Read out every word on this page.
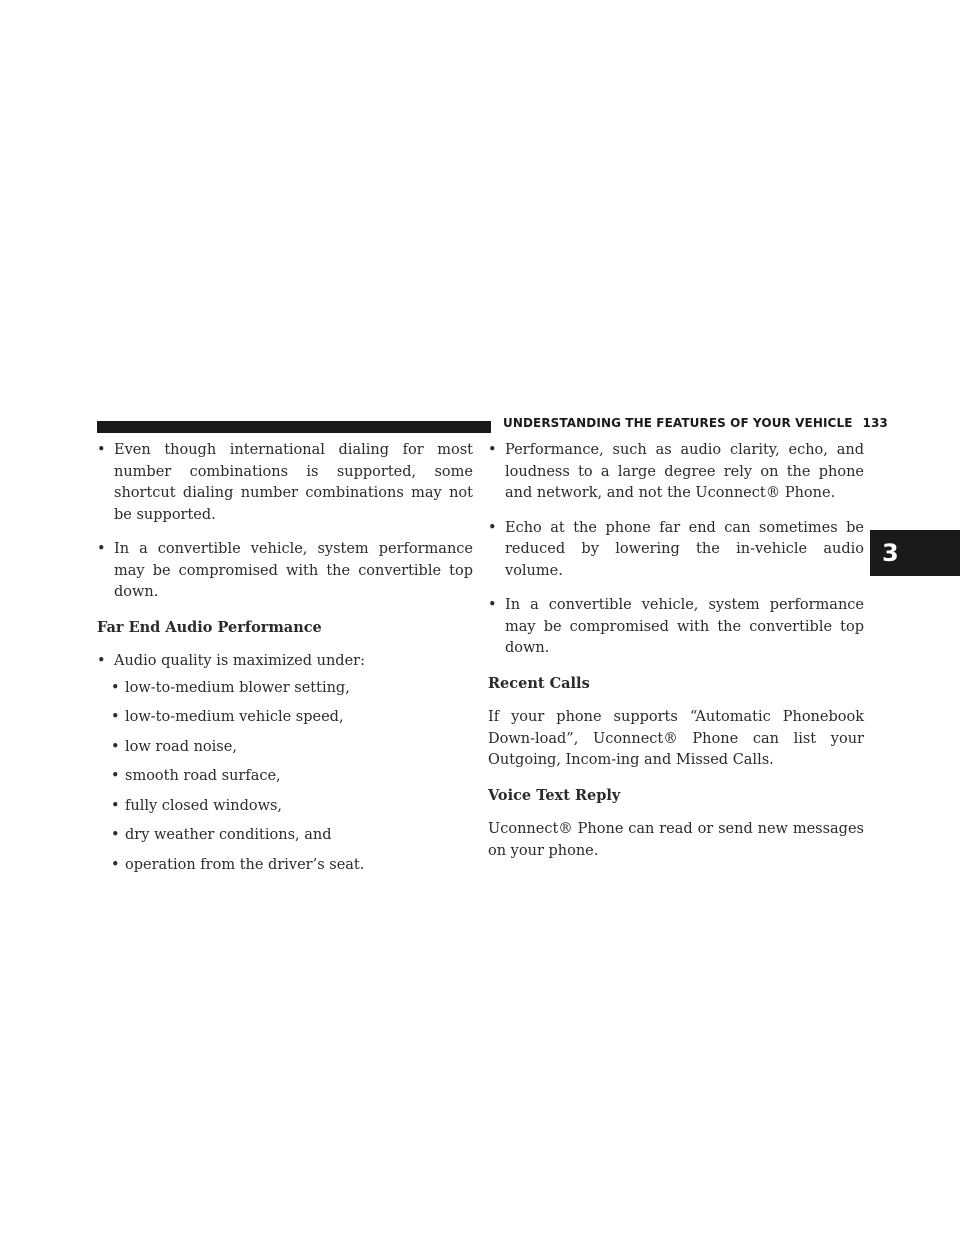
UNDERSTANDING THE FEATURES OF YOUR VEHICLE 133
3
• Even though international dialing for most number combinations is supported, some shortcut dialing number combinations may not be supported.
• In a convertible vehicle, system performance may be compromised with the convertible top down.
Far End Audio Performance
• Audio quality is maximized under:
• low-to-medium blower setting,
• low-to-medium vehicle speed,
• low road noise,
• smooth road surface,
• fully closed windows,
• dry weather conditions, and
• operation from the driver’s seat.
• Performance, such as audio clarity, echo, and loudness to a large degree rely on the phone and network, and not the Uconnect® Phone.
• Echo at the phone far end can sometimes be reduced by lowering the in-vehicle audio volume.
• In a convertible vehicle, system performance may be compromised with the convertible top down.
Recent Calls
If your phone supports “Automatic Phonebook Down-load”, Uconnect® Phone can list your Outgoing, Incom-ing and Missed Calls.
Voice Text Reply
Uconnect® Phone can read or send new messages on your phone.
